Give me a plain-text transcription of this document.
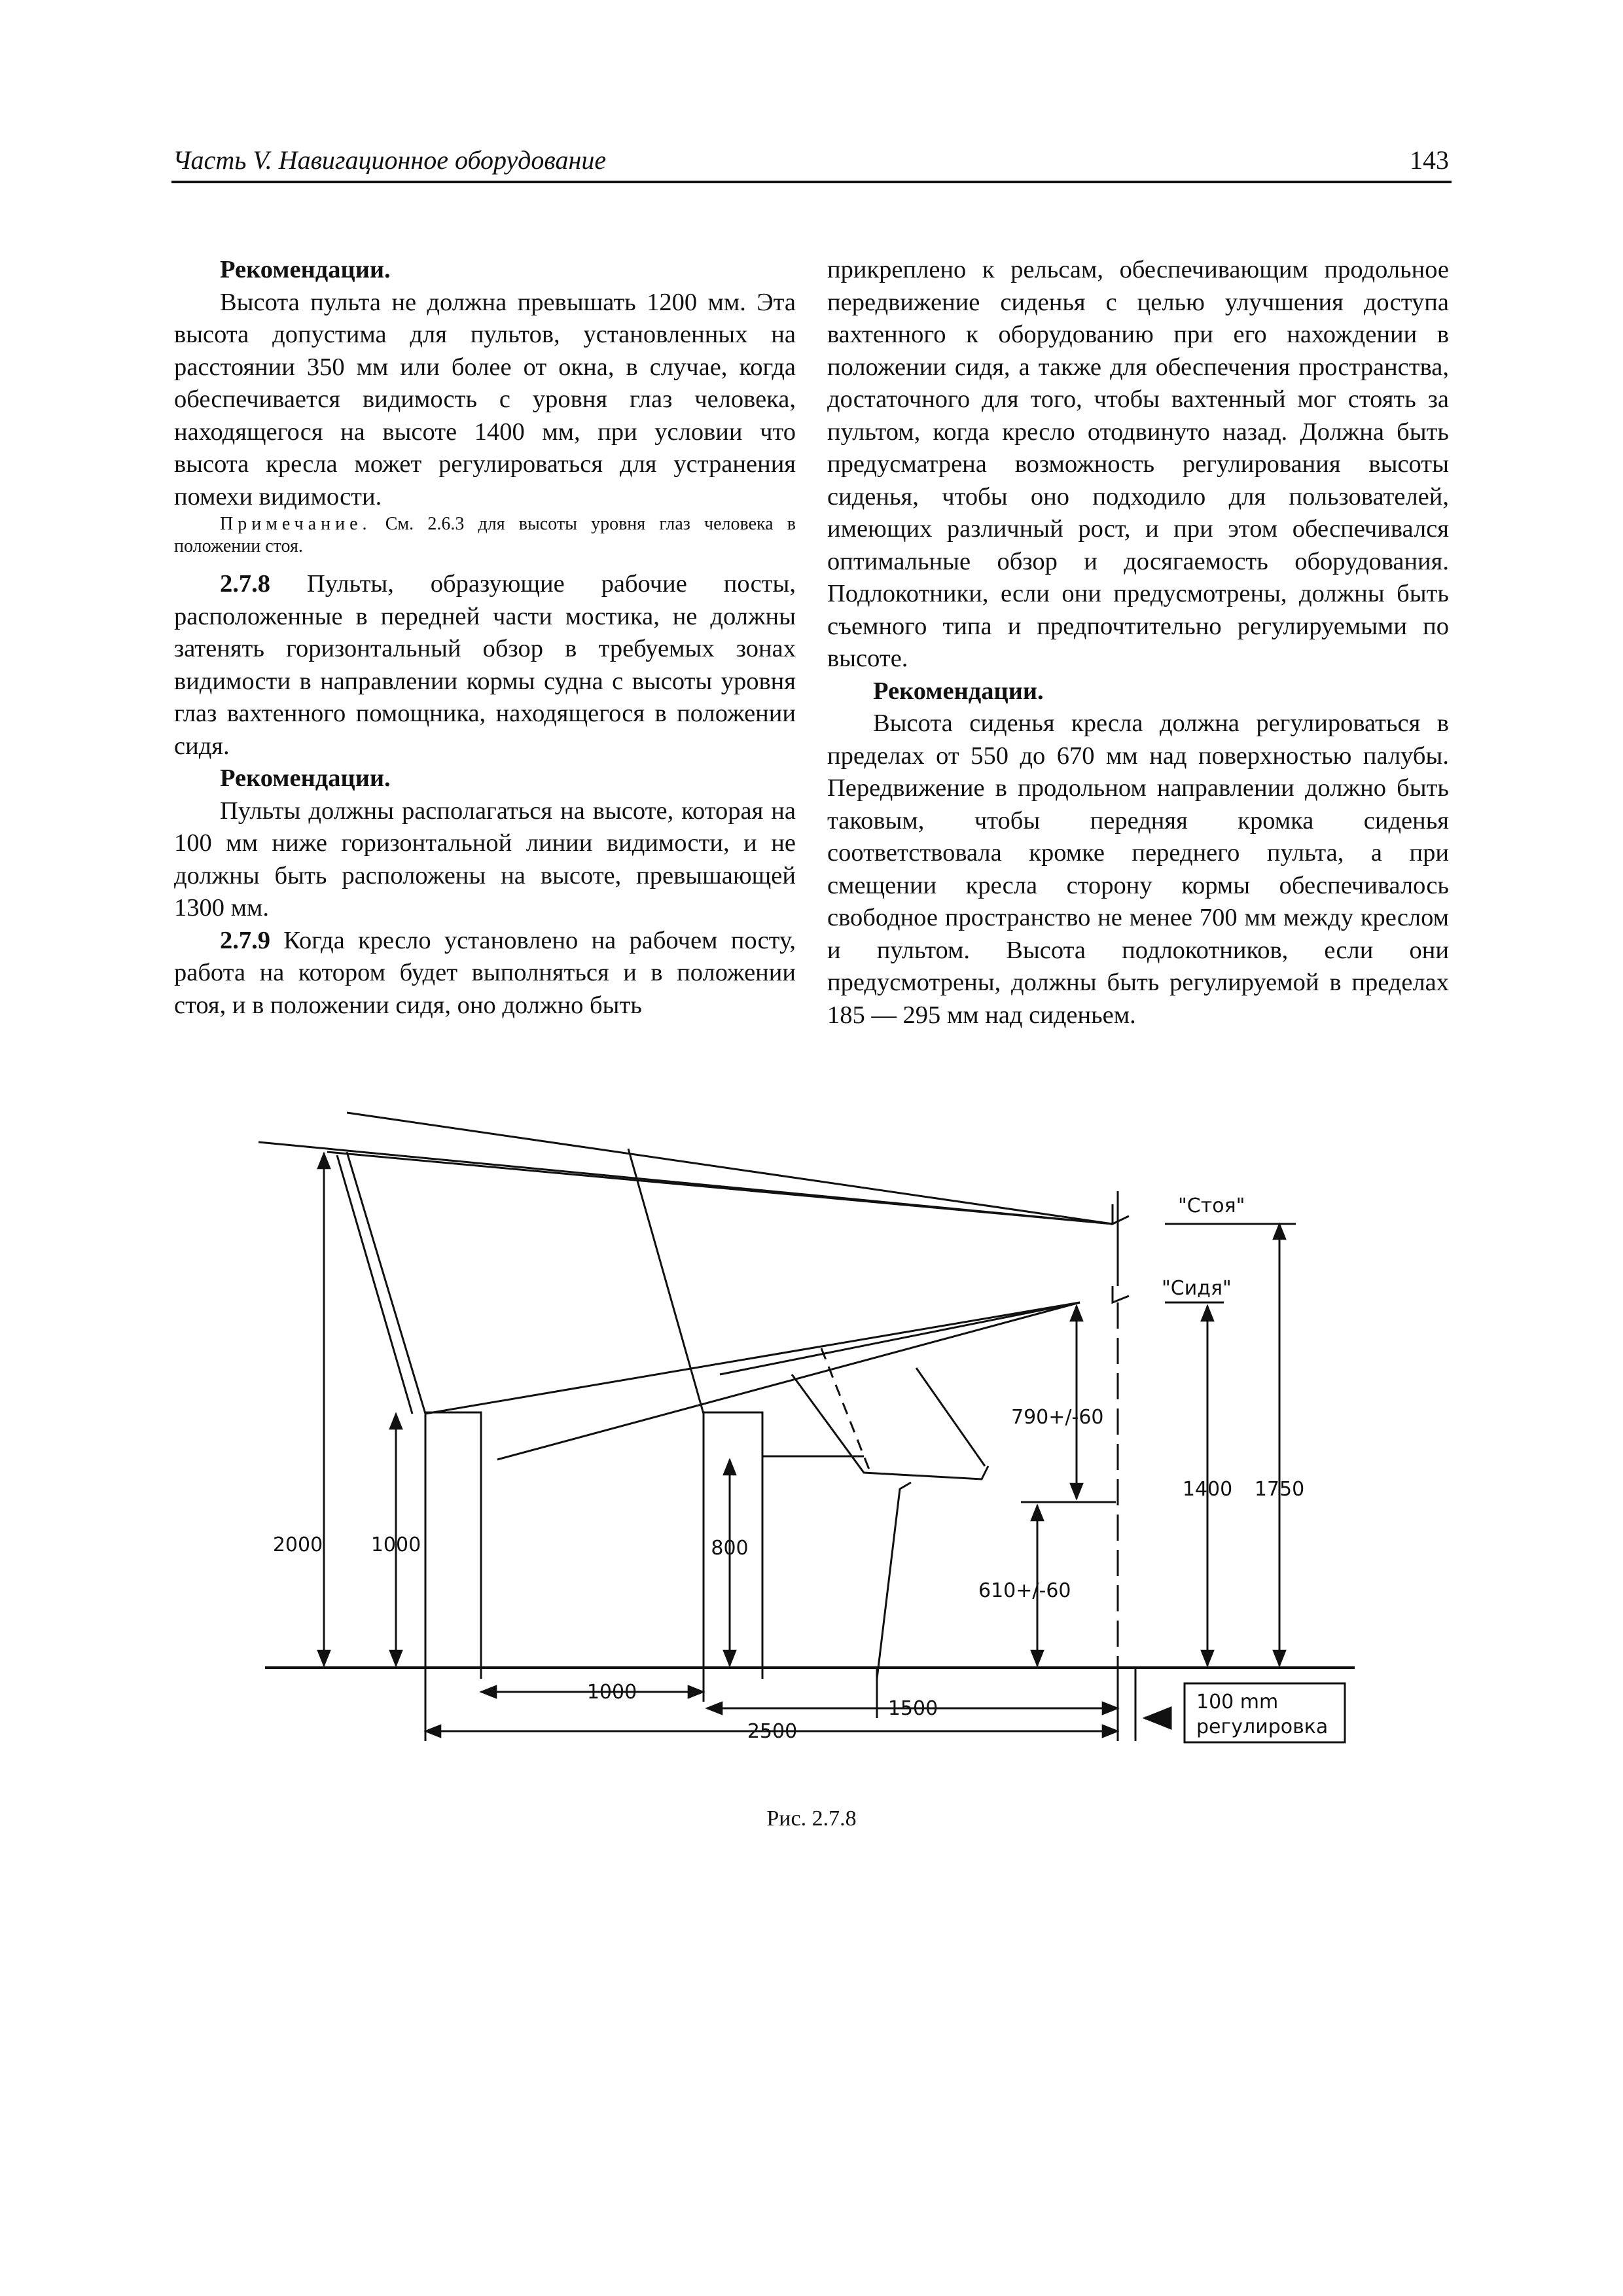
Часть V. Навигационное оборудование	143

Рекомендации.

Высота пульта не должна превышать 1200 мм. Эта высота допустима для пультов, установленных на расстоянии 350 мм или более от окна, в случае, когда обеспечивается видимость с уровня глаз человека, находящегося на высоте 1400 мм, при условии что высота кресла может регулироваться для устранения помехи видимости.

Примечание. См. 2.6.3 для высоты уровня глаз человека в положении стоя.

2.7.8 Пульты, образующие рабочие посты, расположенные в передней части мостика, не должны затенять горизонтальный обзор в требуемых зонах видимости в направлении кормы судна с высоты уровня глаз вахтенного помощника, находящегося в положении сидя.

Рекомендации.

Пульты должны располагаться на высоте, которая на 100 мм ниже горизонтальной линии видимости, и не должны быть расположены на высоте, превышающей 1300 мм.

2.7.9 Когда кресло установлено на рабочем посту, работа на котором будет выполняться и в положении стоя, и в положении сидя, оно должно быть

прикреплено к рельсам, обеспечивающим продольное передвижение сиденья с целью улучшения доступа вахтенного к оборудованию при его нахождении в положении сидя, а также для обеспечения пространства, достаточного для того, чтобы вахтенный мог стоять за пультом, когда кресло отодвинуто назад. Должна быть предусматрена возможность регулирования высоты сиденья, чтобы оно подходило для пользователей, имеющих различный рост, и при этом обеспечивался оптимальные обзор и досягаемость оборудования. Подлокотники, если они предусмотрены, должны быть съемного типа и предпочтительно регулируемыми по высоте.

Рекомендации.

Высота сиденья кресла должна регулироваться в пределах от 550 до 670 мм над поверхностью палубы. Передвижение в продольном направлении должно быть таковым, чтобы передняя кромка сиденья соответствовала кромке переднего пульта, а при смещении кресла сторону кормы обеспечивалось свободное пространство не менее 700 мм между креслом и пультом. Высота подлокотников, если они предусмотрены, должны быть регулируемой в пределах 185 — 295 мм над сиденьем.

"Стоя"
"Сидя"
2000 1000	800
790+/-60
610+/-60
1400 1750
1000
1500
2500
100 mm
регулировка
Рис. 2.7.8
